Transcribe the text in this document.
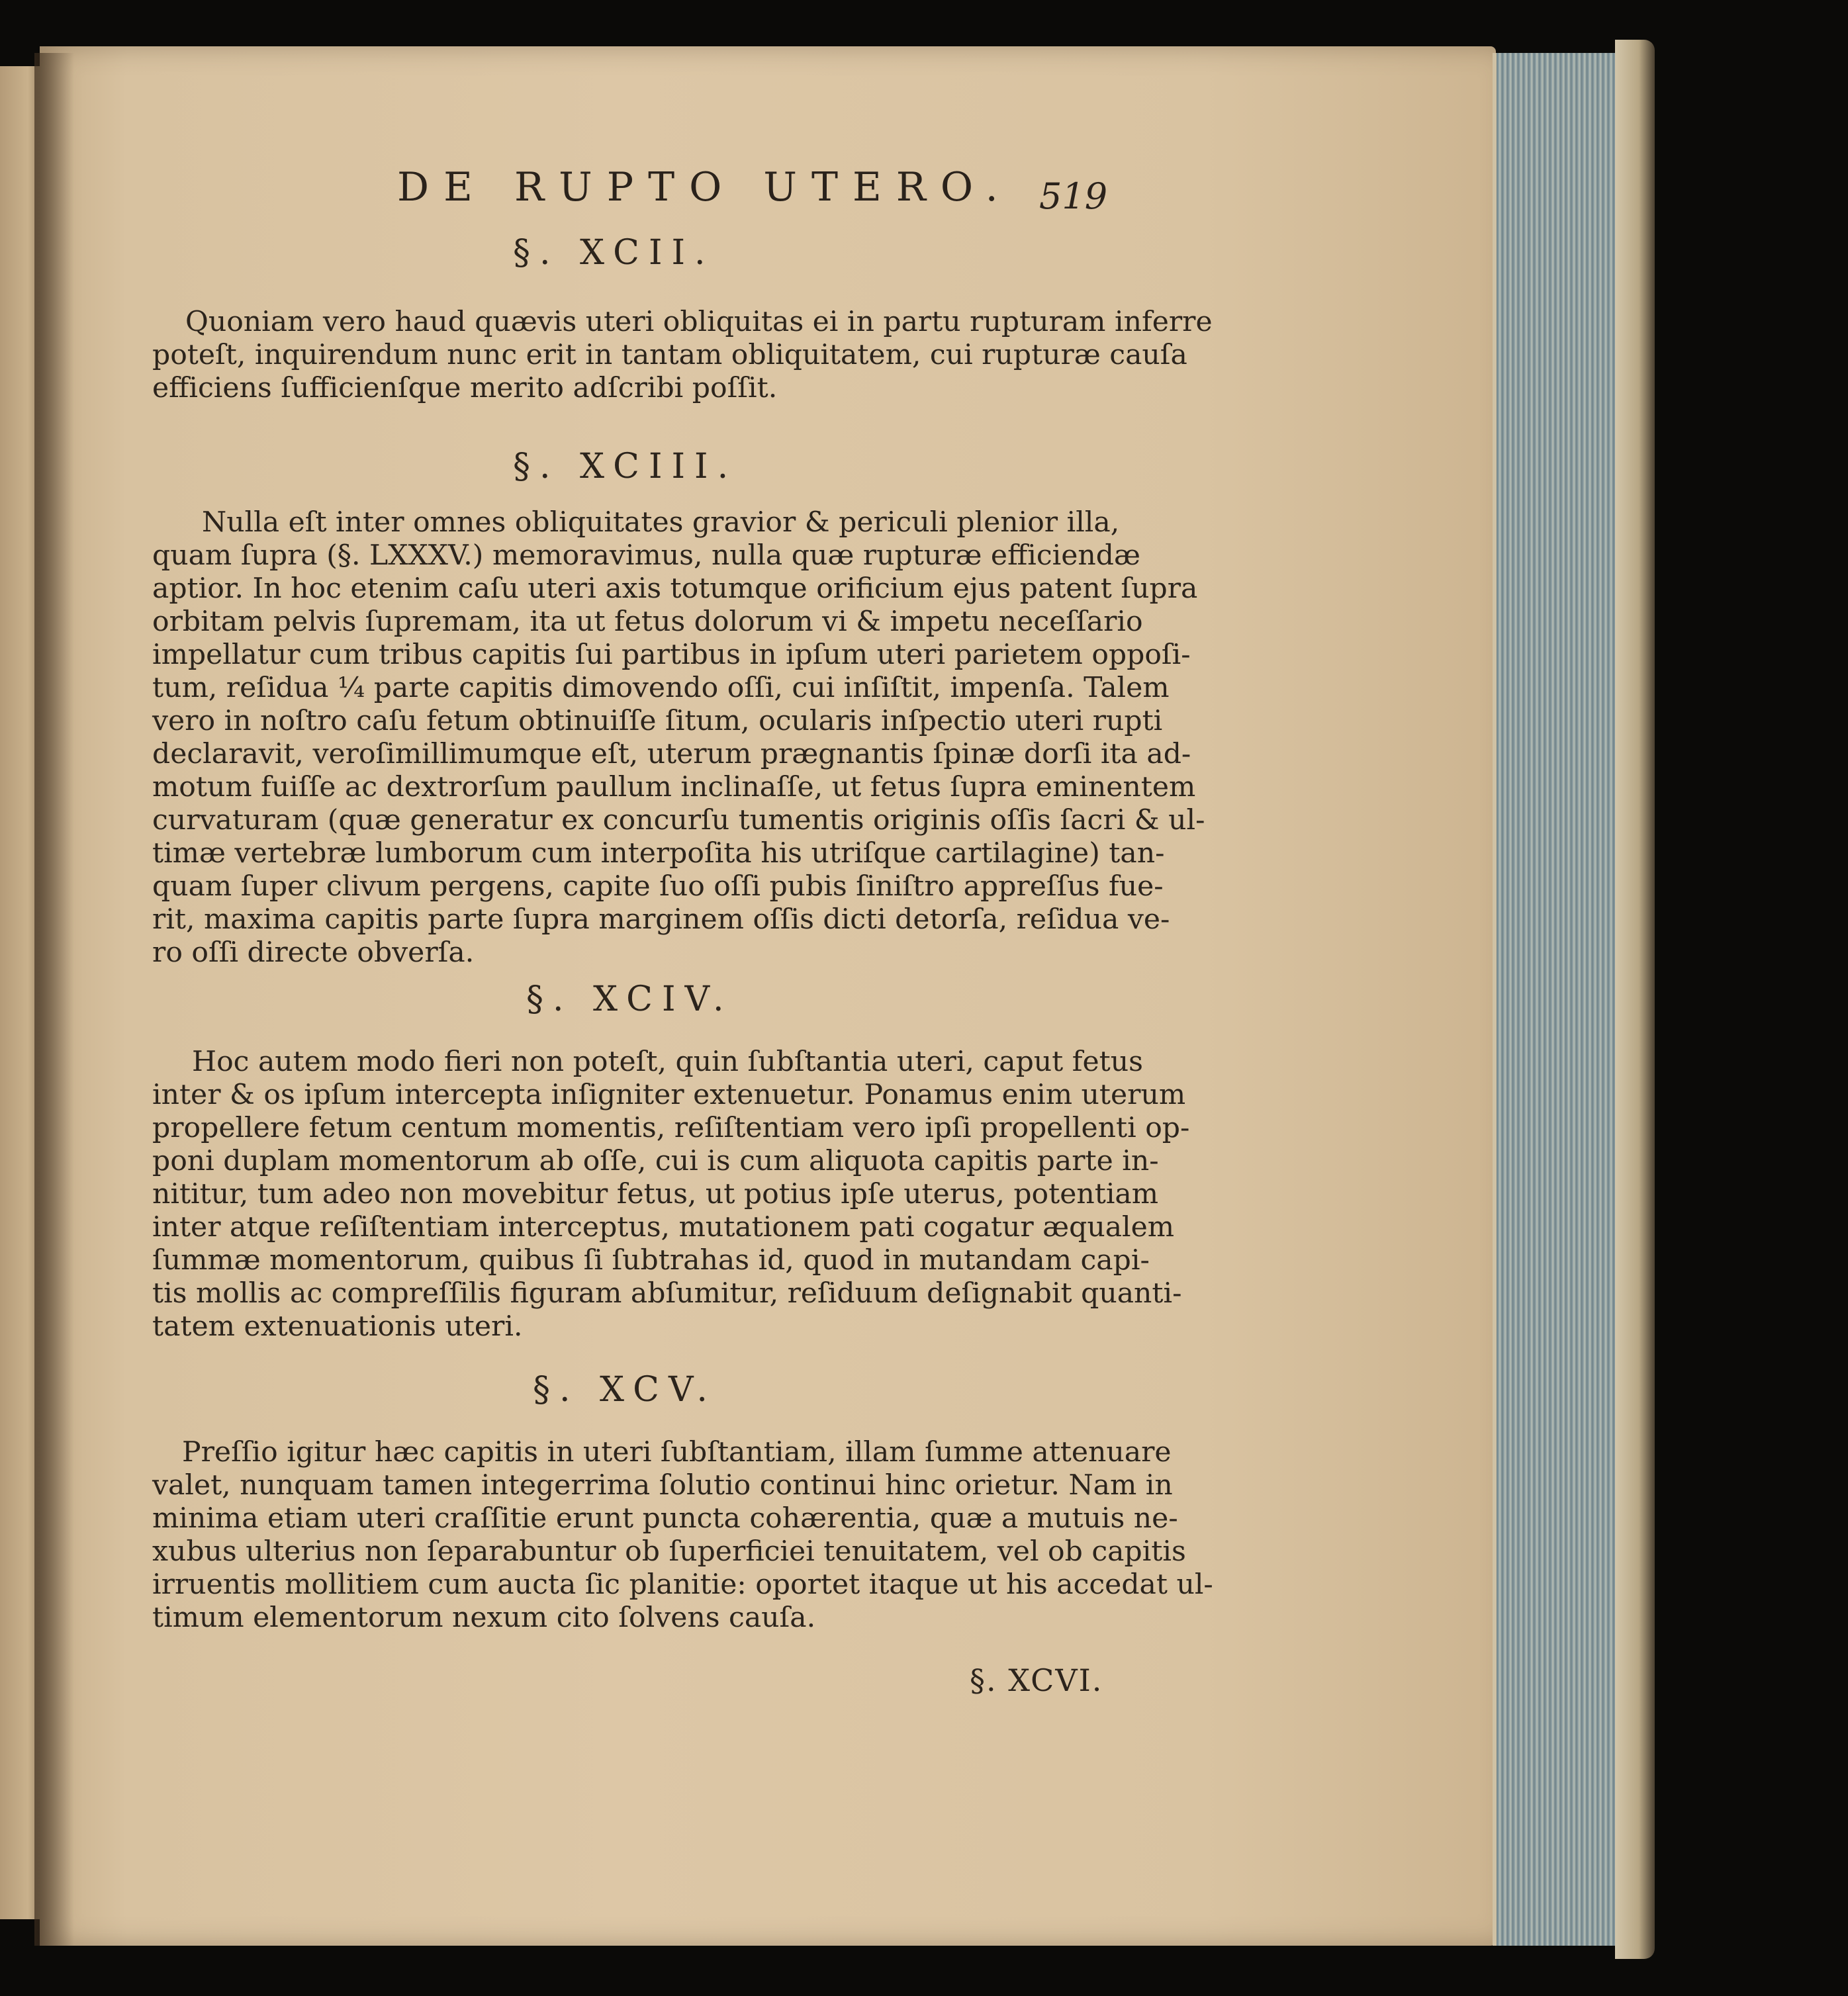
DE RUPTO UTERO. 519
§. XCII.
Quoniam vero haud quævis uteri obliquitas ei in partu rupturam inferre
poteſt, inquirendum nunc erit in tantam obliquitatem, cui rupturæ cauſa
efficiens ſufficienſque merito adſcribi poſſit.
§. XCIII.
Nulla eſt inter omnes obliquitates gravior & periculi plenior illa,
quam ſupra (§. LXXXV.) memoravimus, nulla quæ rupturæ efficiendæ
aptior. In hoc etenim caſu uteri axis totumque orificium ejus patent ſupra
orbitam pelvis ſupremam, ita ut fetus dolorum vi & impetu neceſſario
impellatur cum tribus capitis ſui partibus in ipſum uteri parietem oppoſi-
tum, reſidua ¼ parte capitis dimovendo oſſi, cui inſiſtit, impenſa. Talem
vero in noſtro caſu fetum obtinuiſſe ſitum, ocularis inſpectio uteri rupti
declaravit, veroſimillimumque eſt, uterum prægnantis ſpinæ dorſi ita ad-
motum fuiſſe ac dextrorſum paullum inclinaſſe, ut fetus ſupra eminentem
curvaturam (quæ generatur ex concurſu tumentis originis oſſis ſacri & ul-
timæ vertebræ lumborum cum interpoſita his utriſque cartilagine) tan-
quam ſuper clivum pergens, capite ſuo oſſi pubis ſiniſtro appreſſus fue-
rit, maxima capitis parte ſupra marginem oſſis dicti detorſa, reſidua ve-
ro oſſi directe obverſa.
§. XCIV.
Hoc autem modo fieri non poteſt, quin ſubſtantia uteri, caput fetus
inter & os ipſum intercepta inſigniter extenuetur. Ponamus enim uterum
propellere fetum centum momentis, reſiſtentiam vero ipſi propellenti op-
poni duplam momentorum ab oſſe, cui is cum aliquota capitis parte in-
nititur, tum adeo non movebitur fetus, ut potius ipſe uterus, potentiam
inter atque reſiſtentiam interceptus, mutationem pati cogatur æqualem
ſummæ momentorum, quibus ſi ſubtrahas id, quod in mutandam capi-
tis mollis ac compreſſilis figuram abſumitur, reſiduum deſignabit quanti-
tatem extenuationis uteri.
§. XCV.
Preſſio igitur hæc capitis in uteri ſubſtantiam, illam ſumme attenuare
valet, nunquam tamen integerrima ſolutio continui hinc orietur. Nam in
minima etiam uteri craſſitie erunt puncta cohærentia, quæ a mutuis ne-
xubus ulterius non ſeparabuntur ob ſuperficiei tenuitatem, vel ob capitis
irruentis mollitiem cum aucta ſic planitie: oportet itaque ut his accedat ul-
timum elementorum nexum cito ſolvens cauſa.
§. XCVI.
